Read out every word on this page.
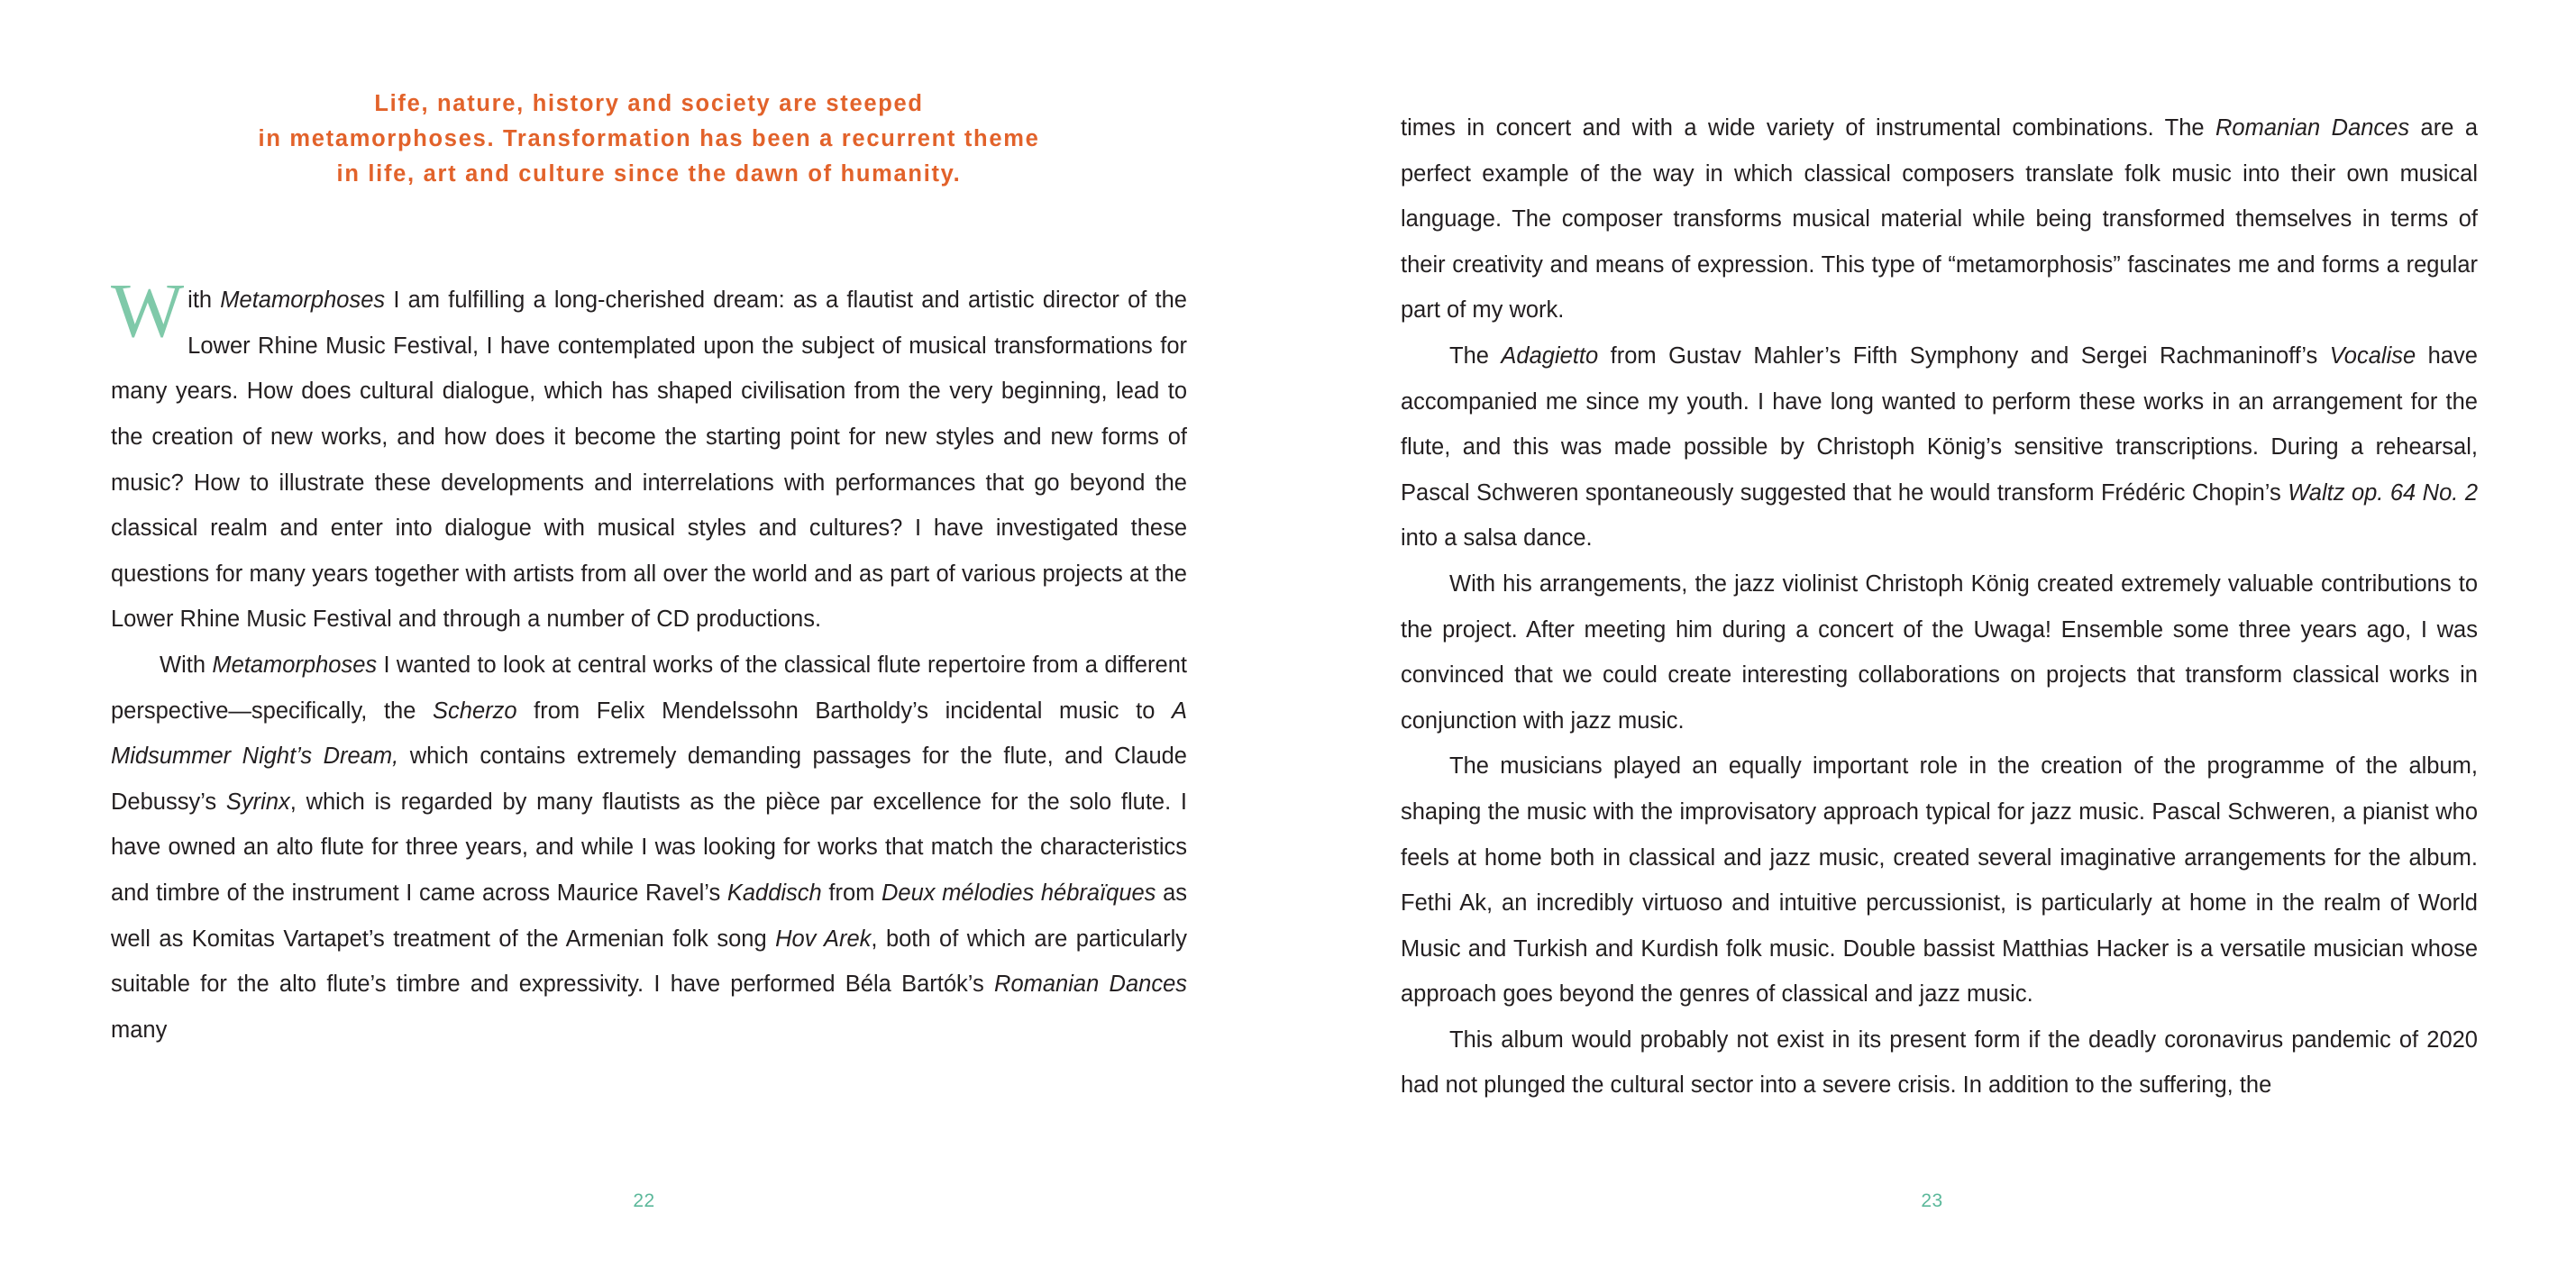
Life, nature, history and society are steeped
in metamorphoses. Transformation has been a recurrent theme
in life, art and culture since the dawn of humanity.
With Metamorphoses I am fulfilling a long-cherished dream: as a flautist and artistic director of the Lower Rhine Music Festival, I have contemplated upon the subject of musical transformations for many years. How does cultural dialogue, which has shaped civilisation from the very beginning, lead to the creation of new works, and how does it become the starting point for new styles and new forms of music? How to illustrate these developments and interrelations with performances that go beyond the classical realm and enter into dialogue with musical styles and cultures? I have investigated these questions for many years together with artists from all over the world and as part of various projects at the Lower Rhine Music Festival and through a number of CD productions.
With Metamorphoses I wanted to look at central works of the classical flute repertoire from a different perspective—specifically, the Scherzo from Felix Mendelssohn Bartholdy’s incidental music to A Midsummer Night’s Dream, which contains extremely demanding passages for the flute, and Claude Debussy’s Syrinx, which is regarded by many flautists as the pièce par excellence for the solo flute. I have owned an alto flute for three years, and while I was looking for works that match the characteristics and timbre of the instrument I came across Maurice Ravel’s Kaddisch from Deux mélodies hébraïques as well as Komitas Vartapet’s treatment of the Armenian folk song Hov Arek, both of which are particularly suitable for the alto flute’s timbre and expressivity. I have performed Béla Bartók’s Romanian Dances many
22
times in concert and with a wide variety of instrumental combinations. The Romanian Dances are a perfect example of the way in which classical composers translate folk music into their own musical language. The composer transforms musical material while being transformed themselves in terms of their creativity and means of expression. This type of “metamorphosis” fascinates me and forms a regular part of my work.
The Adagietto from Gustav Mahler’s Fifth Symphony and Sergei Rachmaninoff’s Vocalise have accompanied me since my youth. I have long wanted to perform these works in an arrangement for the flute, and this was made possible by Christoph König’s sensitive transcriptions. During a rehearsal, Pascal Schweren spontaneously suggested that he would transform Frédéric Chopin’s Waltz op. 64 No. 2 into a salsa dance.
With his arrangements, the jazz violinist Christoph König created extremely valuable contributions to the project. After meeting him during a concert of the Uwaga! Ensemble some three years ago, I was convinced that we could create interesting collaborations on projects that transform classical works in conjunction with jazz music.
The musicians played an equally important role in the creation of the programme of the album, shaping the music with the improvisatory approach typical for jazz music. Pascal Schweren, a pianist who feels at home both in classical and jazz music, created several imaginative arrangements for the album. Fethi Ak, an incredibly virtuoso and intuitive percussionist, is particularly at home in the realm of World Music and Turkish and Kurdish folk music. Double bassist Matthias Hacker is a versatile musician whose approach goes beyond the genres of classical and jazz music.
This album would probably not exist in its present form if the deadly coronavirus pandemic of 2020 had not plunged the cultural sector into a severe crisis. In addition to the suffering, the
23
